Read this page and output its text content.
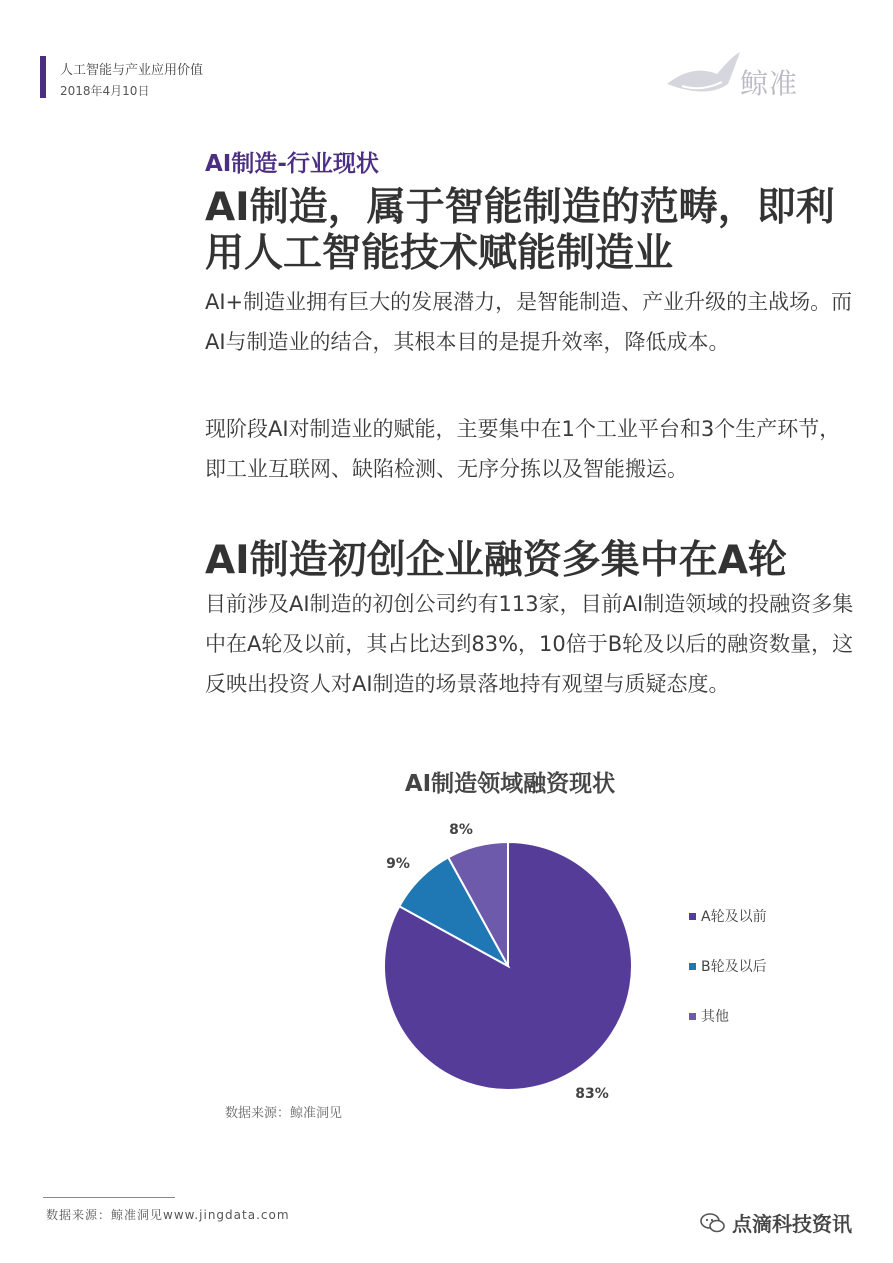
人工智能与产业应用价值
2018年4月10日	鲸准
AI制造-行业现状
AI制造，属于智能制造的范畴，即利用人工智能技术赋能制造业
AI+制造业拥有巨大的发展潜力，是智能制造、产业升级的主战场。而AI与制造业的结合，其根本目的是提升效率，降低成本。
现阶段AI对制造业的赋能，主要集中在1个工业平台和3个生产环节，即工业互联网、缺陷检测、无序分拣以及智能搬运。
AI制造初创企业融资多集中在A轮
目前涉及AI制造的初创公司约有113家，目前AI制造领域的投融资多集中在A轮及以前，其占比达到83%，10倍于B轮及以后的融资数量，这反映出投资人对AI制造的场景落地持有观望与质疑态度。
AI制造领域融资现状
83%
9%
8%
A轮及以前
B轮及以后
其他
数据来源：鲸准洞见
数据来源：鲸准洞见www.jingdata.com	点滴科技资讯
